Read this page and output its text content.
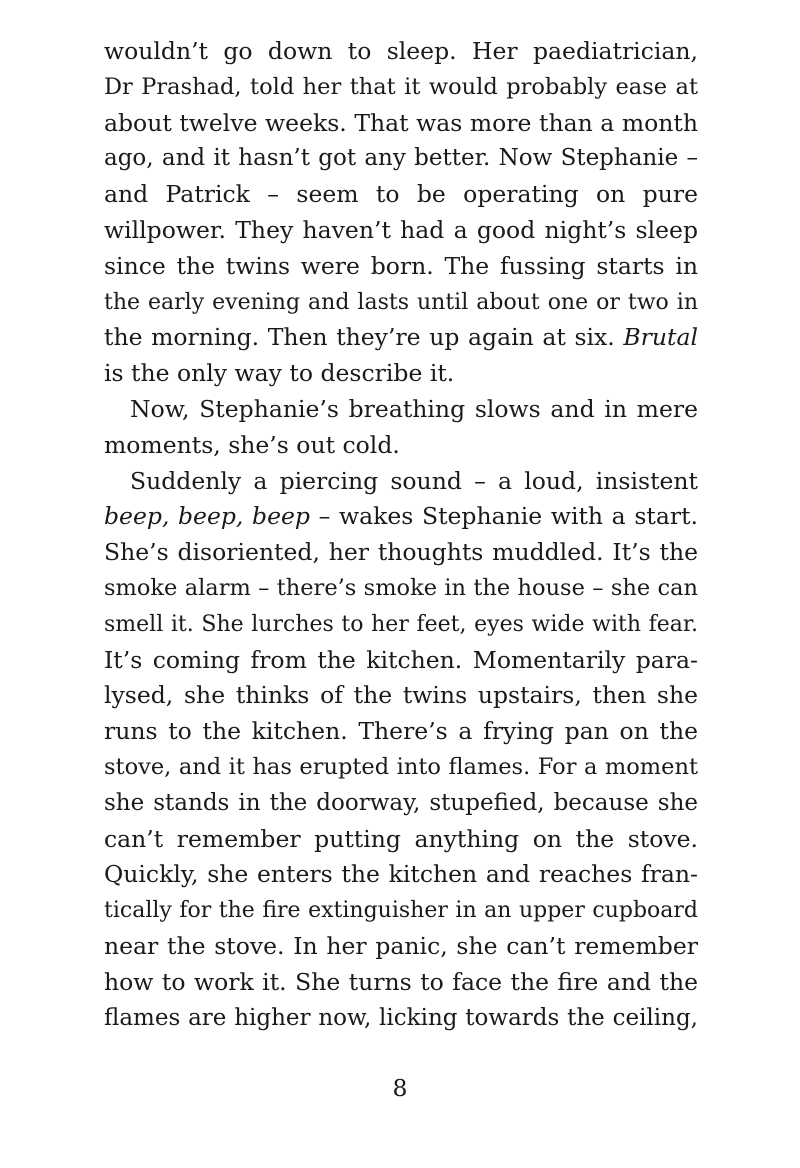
wouldn’t go down to sleep. Her paediatrician,
Dr Prashad, told her that it would probably ease at
about twelve weeks. That was more than a month
ago, and it hasn’t got any better. Now Stephanie –
and Patrick – seem to be operating on pure
willpower. They haven’t had a good night’s sleep
since the twins were born. The fussing starts in
the early evening and lasts until about one or two in
the morning. Then they’re up again at six. Brutal
is the only way to describe it.
Now, Stephanie’s breathing slows and in mere
moments, she’s out cold.
Suddenly a piercing sound – a loud, insistent
beep, beep, beep – wakes Stephanie with a start.
She’s disoriented, her thoughts muddled. It’s the
smoke alarm – there’s smoke in the house – she can
smell it. She lurches to her feet, eyes wide with fear.
It’s coming from the kitchen. Momentarily para-
lysed, she thinks of the twins upstairs, then she
runs to the kitchen. There’s a frying pan on the
stove, and it has erupted into flames. For a moment
she stands in the doorway, stupefied, because she
can’t remember putting anything on the stove.
Quickly, she enters the kitchen and reaches fran-
tically for the fire extinguisher in an upper cupboard
near the stove. In her panic, she can’t remember
how to work it. She turns to face the fire and the
flames are higher now, licking towards the ceiling,
8
